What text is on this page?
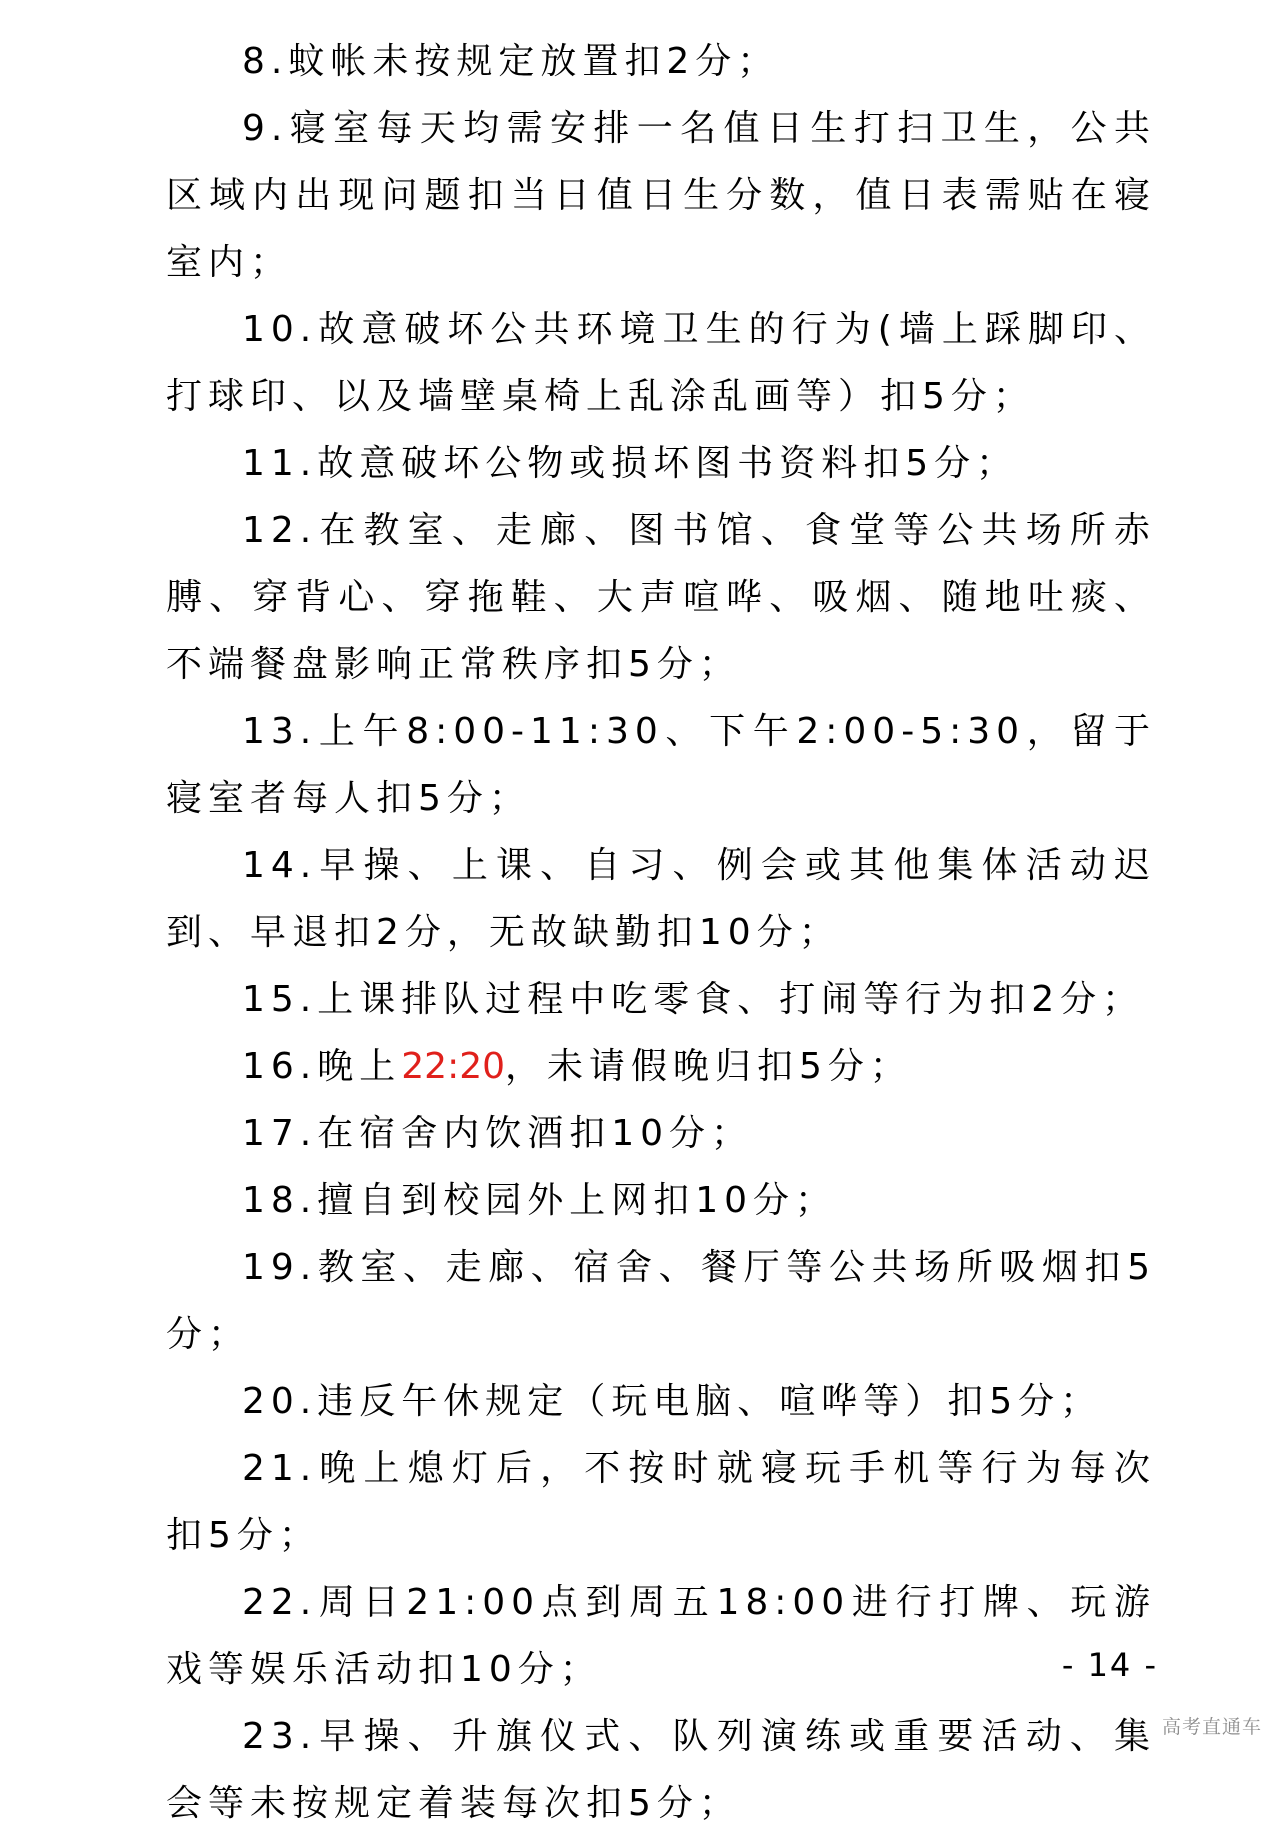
8.蚊帐未按规定放置扣2分；

9.寝室每天均需安排一名值日生打扫卫生，公共区域内出现问题扣当日值日生分数，值日表需贴在寝室内；

10.故意破坏公共环境卫生的行为(墙上踩脚印、打球印、以及墙壁桌椅上乱涂乱画等）扣5分；

11.故意破坏公物或损坏图书资料扣5分；

12.在教室、走廊、图书馆、食堂等公共场所赤膊、穿背心、穿拖鞋、大声喧哗、吸烟、随地吐痰、不端餐盘影响正常秩序扣5分；

13.上午8:00-11:30、下午2:00-5:30，留于寝室者每人扣5分；

14.早操、上课、自习、例会或其他集体活动迟到、早退扣2分，无故缺勤扣10分；

15.上课排队过程中吃零食、打闹等行为扣2分；

16.晚上22:20，未请假晚归扣5分；

17.在宿舍内饮酒扣10分；

18.擅自到校园外上网扣10分；

19.教室、走廊、宿舍、餐厅等公共场所吸烟扣5分；

20.违反午休规定（玩电脑、喧哗等）扣5分；

21.晚上熄灯后，不按时就寝玩手机等行为每次扣5分；

22.周日21:00点到周五18:00进行打牌、玩游戏等娱乐活动扣10分；

23.早操、升旗仪式、队列演练或重要活动、集会等未按规定着装每次扣5分；

- 14 -
高考直通车
